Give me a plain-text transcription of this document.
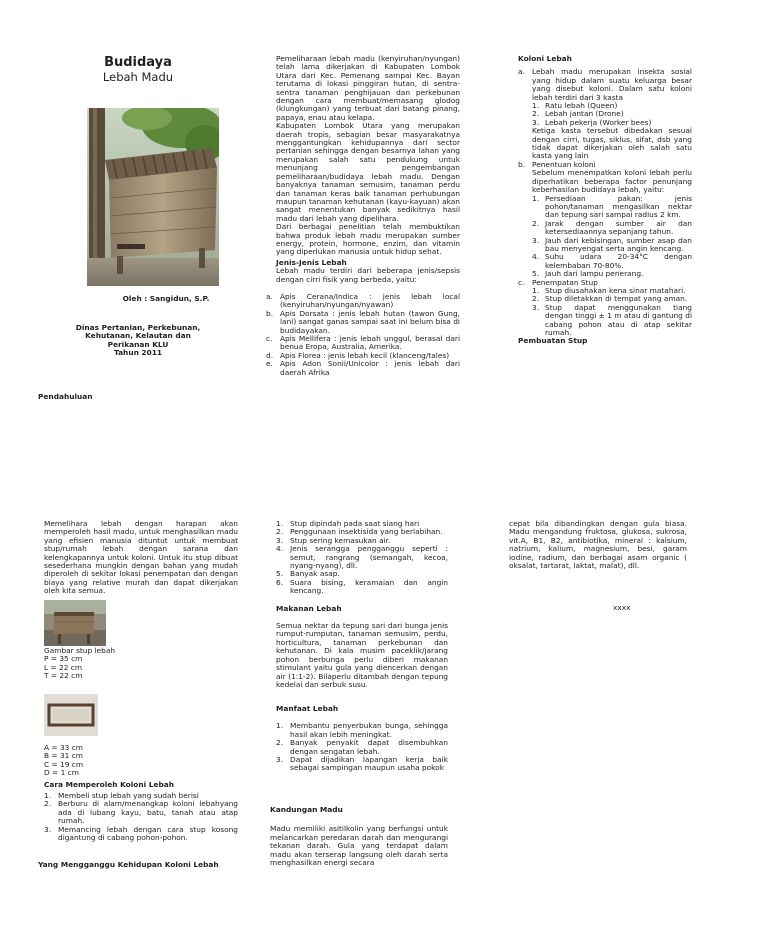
Budidaya
Lebah Madu
Oleh : Sangidun, S.P.
Dinas Pertanian, Perkebunan,
Kehutanan, Kelautan dan
Perikanan KLU
Tahun 2011
Pendahuluan

Pemeliharaan lebah madu (kenyiruhan/nyungan) telah lama dikerjakan di Kabupaten Lombok Utara dari Kec. Pemenang sampai Kec. Bayan terutama di lokasi pinggiran hutan, di sentra-sentra tanaman penghijauan dan perkebunan dengan cara membuat/memasang glodog (klungkungan) yang terbuat dari batang pinang, papaya, enau atau kelapa.

Kabupaten Lombok Utara yang merupakan daerah tropis, sebagian besar masyarakatnya menggantungkan kehidupannya dari sector pertanian sehingga dengan besarnya lahan yang merupakan salah satu pendukung untuk menunjang pengembangan pemeliharaan/budidaya lebah madu. Dengan banyaknya tanaman semusim, tanaman perdu dan tanaman keras baik tanaman perhubungan maupun tanaman kehutanan (kayu-kayuan) akan sangat menentukan banyak sedikitnya hasil madu dari lebah yang dipelihara.

Dari berbagai penelitian telah membuktikan bahwa produk lebah madu merupakan sumber energy, protein, hormone, enzim, dan vitamin yang diperlukan manusia untuk hidup sehat.

Jenis-Jenis Lebah

Lebah madu terdiri dari beberapa jenis/sepsis dengan cirri fisik yang berbeda, yaitu:

a. Apis Cerana/Indica : jenis lebah local (kenyiruhan/nyungan/nyawan)
b. Apis Dorsata : jenis lebah hutan (tawon Gung, lani) sangat ganas sampai saat ini belum bisa di budidayakan.
c. Apis Mellifera : jenis lebah unggul, berasal dari benua Eropa, Australia, Amerika.
d. Apis Florea : jenis lebah kecil (klanceng/tales)
e. Apis Adon Sonii/Unicolor : jenis lebah dari daerah Afrika

Koloni Lebah

a. Lebah madu merupakan insekta sosial yang hidup dalam suatu keluarga besar yang disebut koloni. Dalam satu koloni lebah terdiri dari 3 kasta
1. Ratu lebah (Queen)
2. Lebah jantan (Drone)
3. Lebah pekerja (Worker bees)

Ketiga kasta tersebut dibedakan sesuai dengan cirri, tugas, siklus, sifat, dsb yang tidak dapat dikerjakan oleh salah satu kasta yang lain

b. Penentuan koloni

Sebelum menempatkan koloni lebah perlu diperhatikan beberapa factor penunjang keberhasilan budidaya lebah, yaitu:

1. Persediaan pakan: jenis pohon/tanaman mengasilkan nektar dan tepung sari sampai radius 2 km.
2. Jarak dengan sumber air dan ketersediaannya sepanjang tahun.
3. Jauh dari kebisingan, sumber asap dan bau menyengat serta angin kencang.
4. Suhu udara 20-34°C dengan kelembaban 70-80%.
5. Jauh dari lampu penerang.
c. Penempatan Stup
1. Stup diusahakan kena sinar matahari.
2. Stup diletakkan di tempat yang aman.
3. Stup dapat menggunakan tiang dengan tinggi ± 1 m atau di gantung di cabang pohon atau di atap sekitar rumah.

Pembuatan Stup

Memelihara lebah dengan harapan akan memperoleh hasil madu, untuk menghasilkan madu yang efisien manusia dituntut untuk membuat stup/rumah lebah dengan sarana dan kelengkapannya untuk koloni. Untuk itu stup dibuat sesederhana mungkin dengan bahan yang mudah diperoleh di sekitar lokasi penempatan dan dengan biaya yang relative murah dan dapat dikerjakan oleh kita semua.

Gambar stup lebah
P = 35 cm
L = 22 cm
T = 22 cm
A = 33 cm
B = 31 cm
C = 19 cm
D = 1 cm

Cara Memperoleh Koloni Lebah

1. Membeli stup lebah yang sudah berisi
2. Berburu di alam/menangkap koloni lebahyang ada di lubang kayu, batu, tanah atau atap rumah.
3. Memancing lebah dengan cara stup kosong digantung di cabang pohon-pohon.
Yang Mengganggu Kehidupan Koloni Lebah
1. Stup dipindah pada saat siang hari
2. Penggunaan insektisida yang berlabihan.
3. Stup sering kemasukan air.
4. Jenis serangga pengganggu seperti : semut, rangrang (semangah, kecoa, nyang-nyang), dll.
5. Banyak asap.
6. Suara bising, keramaian dan angin kencang.

Makanan Lebah

Semua nektar da tepung sari dari bunga jenis rumput-rumputan, tanaman semusim, perdu, horticultura, tanaman perkebunan dan kehutanan. Di kala musim paceklik/jarang pohon berbunga perlu diberi makanan stimulant yaitu gula yang diencerkan dengan air (1:1-2). Bilaperlu ditambah dengan tepung kedelai dan serbuk susu.

Manfaat Lebah

1. Membantu penyerbukan bunga, sehingga hasil akan lebih meningkat.
2. Banyak penyakit dapat disembuhkan dengan sengatan lebah.
3. Dapat dijadikan lapangan kerja baik sebagai sampingan maupun usaha pokok

Kandungan Madu

Madu memiliki asitilkolin yang berfungsi untuk melancarkan peredaran darah dan mengurangi tekanan darah. Gula yang terdapat dalam madu akan terserap langsung oleh darah serta menghasilkan energi secara

cepat bila dibandingkan dengan gula biasa. Madu mengandung fruktosa, glukosa, sukrosa, vit.A, B1, B2, antibiotika, mineral : kalsium, natrium, kalium, magnesium, besi, garam iodine, radium, dan berbagai asam organic ( oksalat, tartarat, laktat, malat), dll.

xxxx
